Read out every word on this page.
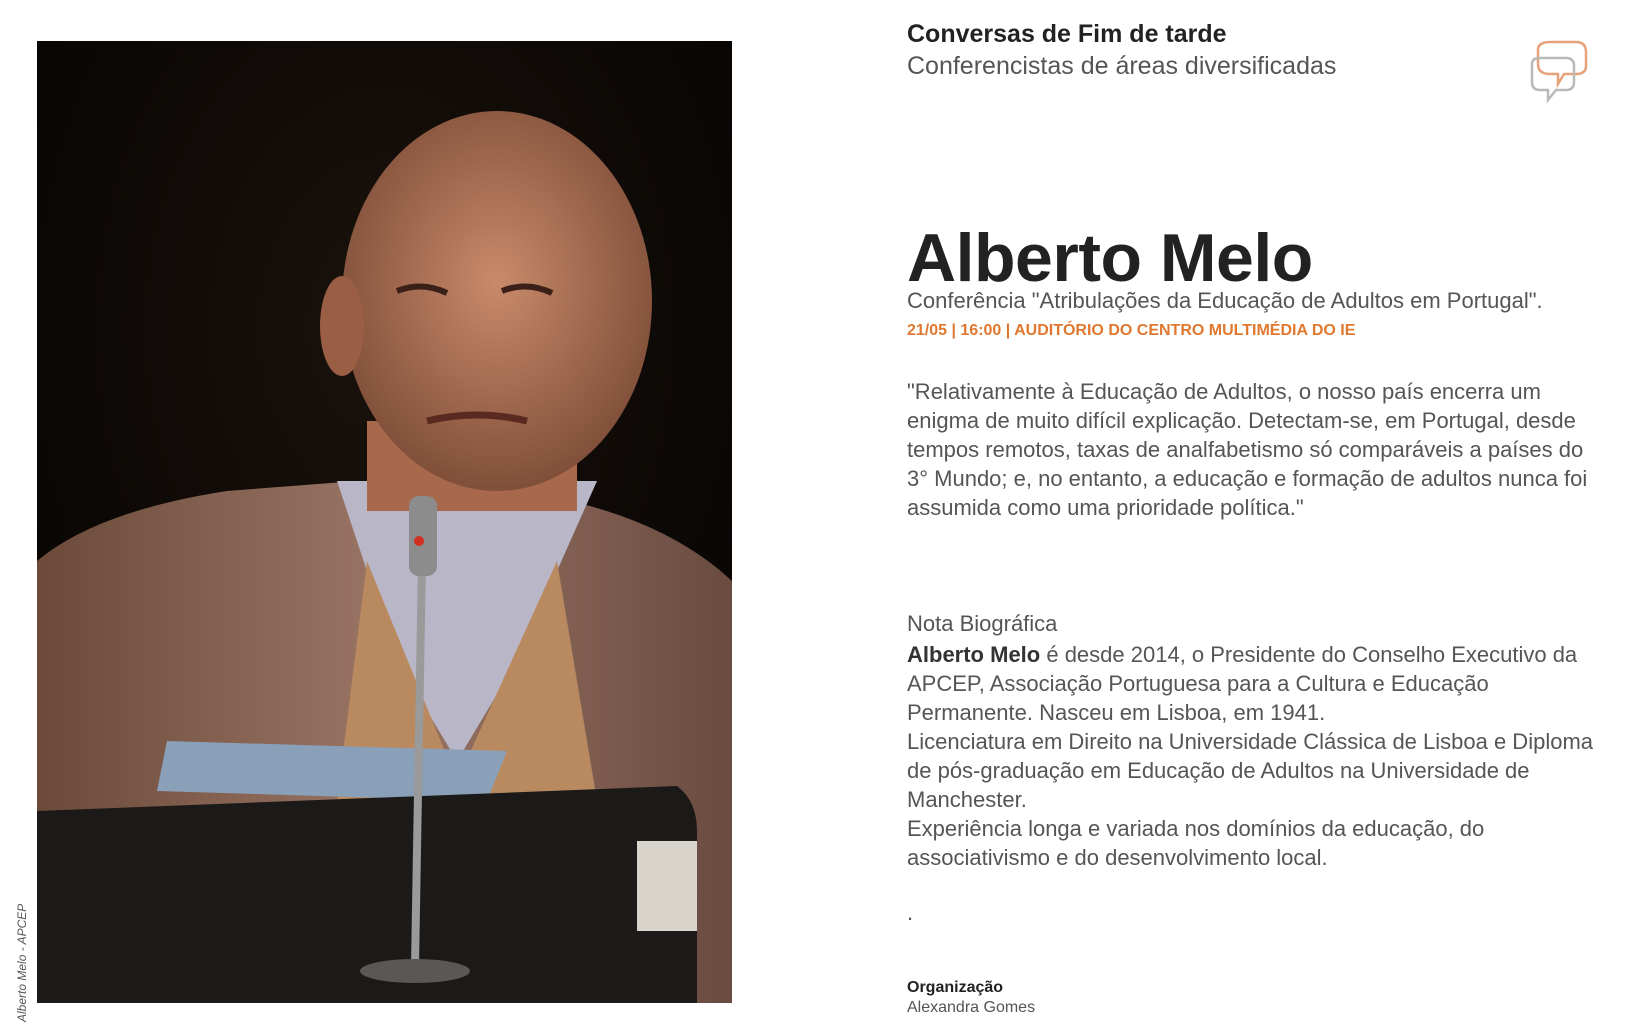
Alberto Melo - APCEP
Conversas de Fim de tarde
Conferencistas de áreas diversificadas
Alberto Melo
Conferência "Atribulações da Educação de Adultos em Portugal".
21/05 | 16:00 | AUDITÓRIO DO CENTRO MULTIMÉDIA DO IE
"Relativamente à Educação de Adultos, o nosso país encerra um enigma de muito difícil explicação. Detectam-se, em Portugal, desde tempos remotos, taxas de analfabetismo só comparáveis a países do 3° Mundo; e, no entanto, a educação e formação de adultos nunca foi assumida como uma prioridade política."
Nota Biográfica
Alberto Melo é desde 2014, o Presidente do Conselho Executivo da APCEP, Associação Portuguesa para a Cultura e Educação Permanente. Nasceu em Lisboa, em 1941.
Licenciatura em Direito na Universidade Clássica de Lisboa e Diploma de pós-graduação em Educação de Adultos na Universidade de Manchester.
Experiência longa e variada nos domínios da educação, do associativismo e do desenvolvimento local.
.
Organização
Alexandra Gomes
